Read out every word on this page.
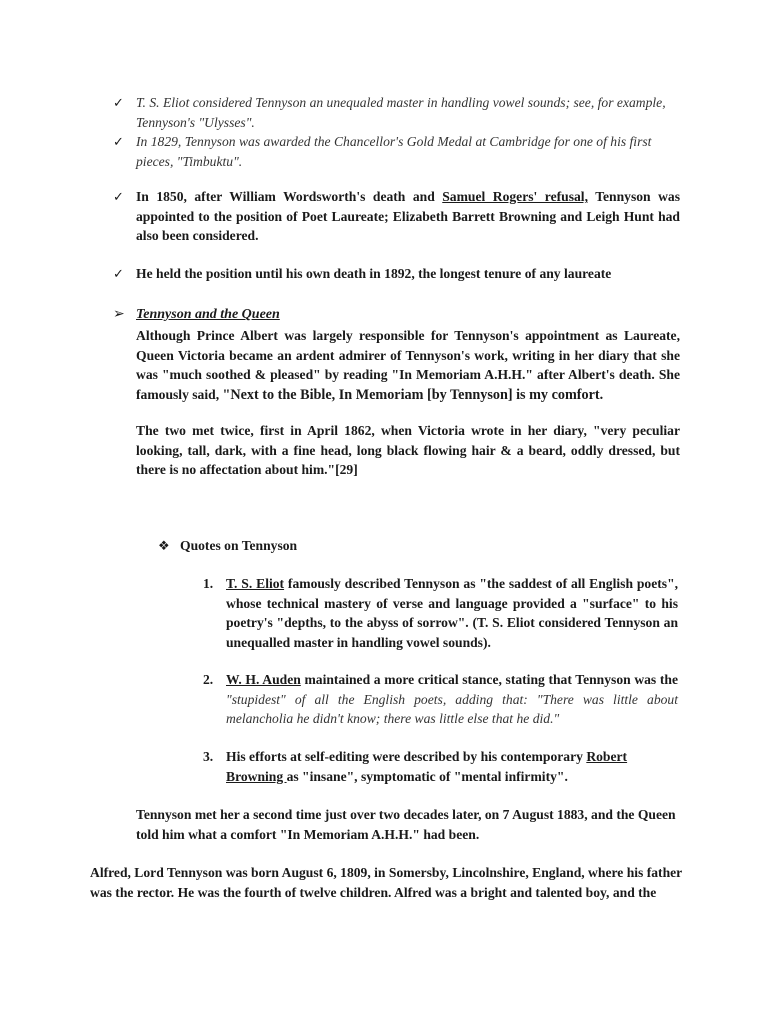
✓ T. S. Eliot considered Tennyson an unequaled master in handling vowel sounds; see, for example, Tennyson's "Ulysses".
✓ In 1829, Tennyson was awarded the Chancellor's Gold Medal at Cambridge for one of his first pieces, "Timbuktu".
✓ In 1850, after William Wordsworth's death and Samuel Rogers' refusal, Tennyson was appointed to the position of Poet Laureate; Elizabeth Barrett Browning and Leigh Hunt had also been considered.
✓ He held the position until his own death in 1892, the longest tenure of any laureate
➢ Tennyson and the Queen
Although Prince Albert was largely responsible for Tennyson's appointment as Laureate, Queen Victoria became an ardent admirer of Tennyson's work, writing in her diary that she was "much soothed & pleased" by reading "In Memoriam A.H.H." after Albert's death. She famously said, "Next to the Bible, In Memoriam [by Tennyson] is my comfort.
The two met twice, first in April 1862, when Victoria wrote in her diary, "very peculiar looking, tall, dark, with a fine head, long black flowing hair & a beard, oddly dressed, but there is no affectation about him."[29]
❖ Quotes on Tennyson
1. T. S. Eliot famously described Tennyson as "the saddest of all English poets", whose technical mastery of verse and language provided a "surface" to his poetry's "depths, to the abyss of sorrow". (T. S. Eliot considered Tennyson an unequalled master in handling vowel sounds).
2. W. H. Auden maintained a more critical stance, stating that Tennyson was the "stupidest" of all the English poets, adding that: "There was little about melancholia he didn't know; there was little else that he did."
3. His efforts at self-editing were described by his contemporary Robert Browning as "insane", symptomatic of "mental infirmity".
Tennyson met her a second time just over two decades later, on 7 August 1883, and the Queen told him what a comfort "In Memoriam A.H.H." had been.
Alfred, Lord Tennyson was born August 6, 1809, in Somersby, Lincolnshire, England, where his father was the rector. He was the fourth of twelve children. Alfred was a bright and talented boy, and the
